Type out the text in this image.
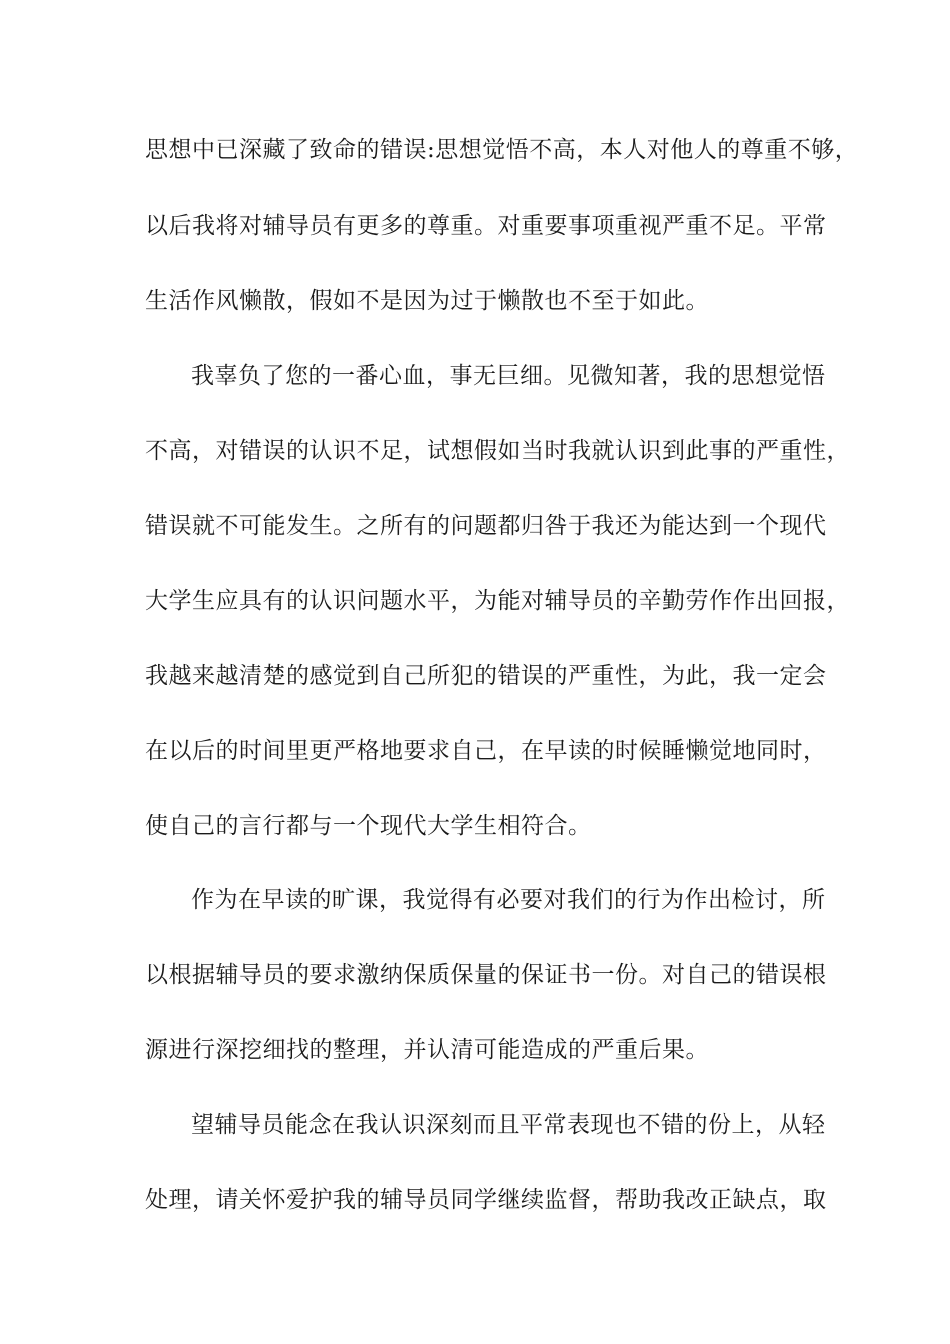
思想中已深藏了致命的错误:思想觉悟不高，本人对他人的尊重不够，
以后我将对辅导员有更多的尊重。对重要事项重视严重不足。平常
生活作风懒散，假如不是因为过于懒散也不至于如此。
我辜负了您的一番心血，事无巨细。见微知著，我的思想觉悟
不高，对错误的认识不足，试想假如当时我就认识到此事的严重性，
错误就不可能发生。之所有的问题都归咎于我还为能达到一个现代
大学生应具有的认识问题水平，为能对辅导员的辛勤劳作作出回报，
我越来越清楚的感觉到自己所犯的错误的严重性，为此，我一定会
在以后的时间里更严格地要求自己，在早读的时候睡懒觉地同时，
使自己的言行都与一个现代大学生相符合。
作为在早读的旷课，我觉得有必要对我们的行为作出检讨，所
以根据辅导员的要求激纳保质保量的保证书一份。对自己的错误根
源进行深挖细找的整理，并认清可能造成的严重后果。
望辅导员能念在我认识深刻而且平常表现也不错的份上，从轻
处理，请关怀爱护我的辅导员同学继续监督，帮助我改正缺点，取
